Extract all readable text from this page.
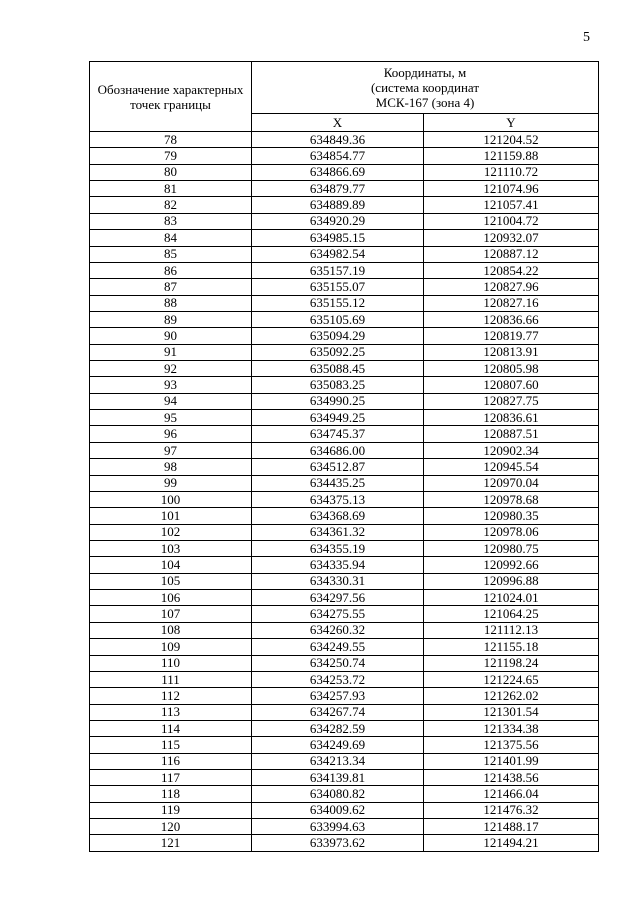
5
Обозначение характерных точек границы	Координаты, м
(система координат
МСК-167 (зона 4)	

	X	Y
78	634849.36	121204.52
79	634854.77	121159.88
80	634866.69	121110.72
81	634879.77	121074.96
82	634889.89	121057.41
83	634920.29	121004.72
84	634985.15	120932.07
85	634982.54	120887.12
86	635157.19	120854.22
87	635155.07	120827.96
88	635155.12	120827.16
89	635105.69	120836.66
90	635094.29	120819.77
91	635092.25	120813.91
92	635088.45	120805.98
93	635083.25	120807.60
94	634990.25	120827.75
95	634949.25	120836.61
96	634745.37	120887.51
97	634686.00	120902.34
98	634512.87	120945.54
99	634435.25	120970.04
100	634375.13	120978.68
101	634368.69	120980.35
102	634361.32	120978.06
103	634355.19	120980.75
104	634335.94	120992.66
105	634330.31	120996.88
106	634297.56	121024.01
107	634275.55	121064.25
108	634260.32	121112.13
109	634249.55	121155.18
110	634250.74	121198.24
111	634253.72	121224.65
112	634257.93	121262.02
113	634267.74	121301.54
114	634282.59	121334.38
115	634249.69	121375.56
116	634213.34	121401.99
117	634139.81	121438.56
118	634080.82	121466.04
119	634009.62	121476.32
120	633994.63	121488.17
121	633973.62	121494.21
